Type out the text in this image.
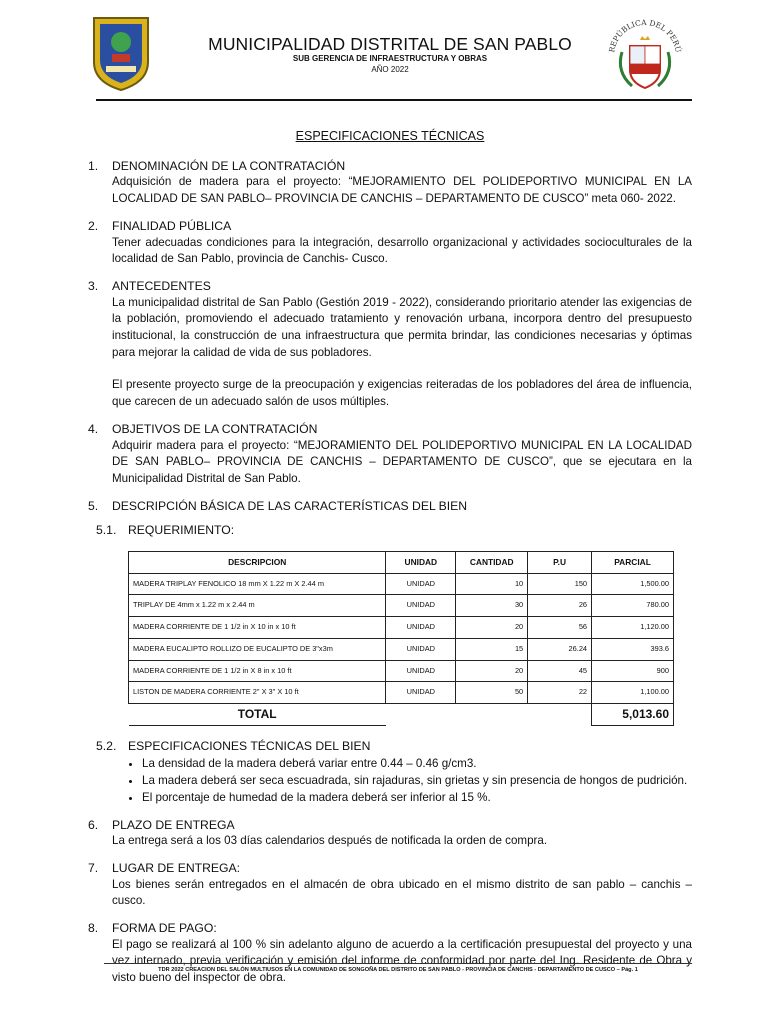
MUNICIPALIDAD DISTRITAL DE SAN PABLO
SUB GERENCIA DE INFRAESTRUCTURA Y OBRAS
AÑO 2022
REPÚBLICA DEL PERÚ
ESPECIFICACIONES TÉCNICAS
1.	DENOMINACIÓN DE LA CONTRATACIÓN

Adquisición de madera para el proyecto: “MEJORAMIENTO DEL POLIDEPORTIVO MUNICIPAL EN LA LOCALIDAD DE SAN PABLO– PROVINCIA DE CANCHIS – DEPARTAMENTO DE CUSCO” meta 060- 2022.

2.	FINALIDAD PÚBLICA

Tener adecuadas condiciones para la integración, desarrollo organizacional y actividades socioculturales de la localidad de San Pablo, provincia de Canchis- Cusco.

3.	ANTECEDENTES

La municipalidad distrital de San Pablo (Gestión 2019 - 2022), considerando prioritario atender las exigencias de la población, promoviendo el adecuado tratamiento y renovación urbana, incorpora dentro del presupuesto institucional, la construcción de una infraestructura que permita brindar, las condiciones necesarias y óptimas para mejorar la calidad de vida de sus pobladores.

El presente proyecto surge de la preocupación y exigencias reiteradas de los pobladores del área de influencia, que carecen de un adecuado salón de usos múltiples.

4.	OBJETIVOS DE LA CONTRATACIÓN

Adquirir madera para el proyecto: “MEJORAMIENTO DEL POLIDEPORTIVO MUNICIPAL EN LA LOCALIDAD DE SAN PABLO– PROVINCIA DE CANCHIS – DEPARTAMENTO DE CUSCO”, que se ejecutara en la Municipalidad Distrital de San Pablo.

5.	DESCRIPCIÓN BÁSICA DE LAS CARACTERÍSTICAS DEL BIEN
5.1. REQUERIMIENTO:
DESCRIPCION	UNIDAD	CANTIDAD	P.U	PARCIAL
MADERA TRIPLAY FENOLICO 18 mm X 1.22 m X 2.44 m	UNIDAD	10	150	1,500.00
TRIPLAY DE 4mm x 1.22 m x 2.44 m	UNIDAD	30	26	780.00
MADERA CORRIENTE DE 1 1/2 in X 10 in x 10 ft	UNIDAD	20	56	1,120.00
MADERA EUCALIPTO ROLLIZO DE EUCALIPTO DE 3"x3m	UNIDAD	15	26.24	393.6
MADERA CORRIENTE DE 1 1/2 in X 8 in x 10 ft	UNIDAD	20	45	900
LISTON DE MADERA CORRIENTE 2" X 3" X 10 ft	UNIDAD	50	22	1,100.00
TOTAL				5,013.60
5.2. ESPECIFICACIONES TÉCNICAS DEL BIEN
• La densidad de la madera deberá variar entre 0.44 – 0.46 g/cm3.
• La madera deberá ser seca escuadrada, sin rajaduras, sin grietas y sin presencia de hongos de pudrición.
• El porcentaje de humedad de la madera deberá ser inferior al 15 %.
6.	PLAZO DE ENTREGA

La entrega será a los 03 días calendarios después de notificada la orden de compra.

7.	LUGAR DE ENTREGA:

Los bienes serán entregados en el almacén de obra ubicado en el mismo distrito de san pablo – canchis – cusco.

8.	FORMA DE PAGO:

El pago se realizará al 100 % sin adelanto alguno de acuerdo a la certificación presupuestal del proyecto y una vez internado, previa verificación y emisión del informe de conformidad por parte del Ing. Residente de Obra y visto bueno del inspector de obra.

TDR 2022 CREACION DEL SALÓN MULTIUSOS EN LA COMUNIDAD DE SONGOÑA DEL DISTRITO DE SAN PABLO - PROVINCIA DE CANCHIS - DEPARTAMENTO DE CUSCO – Pág. 1
